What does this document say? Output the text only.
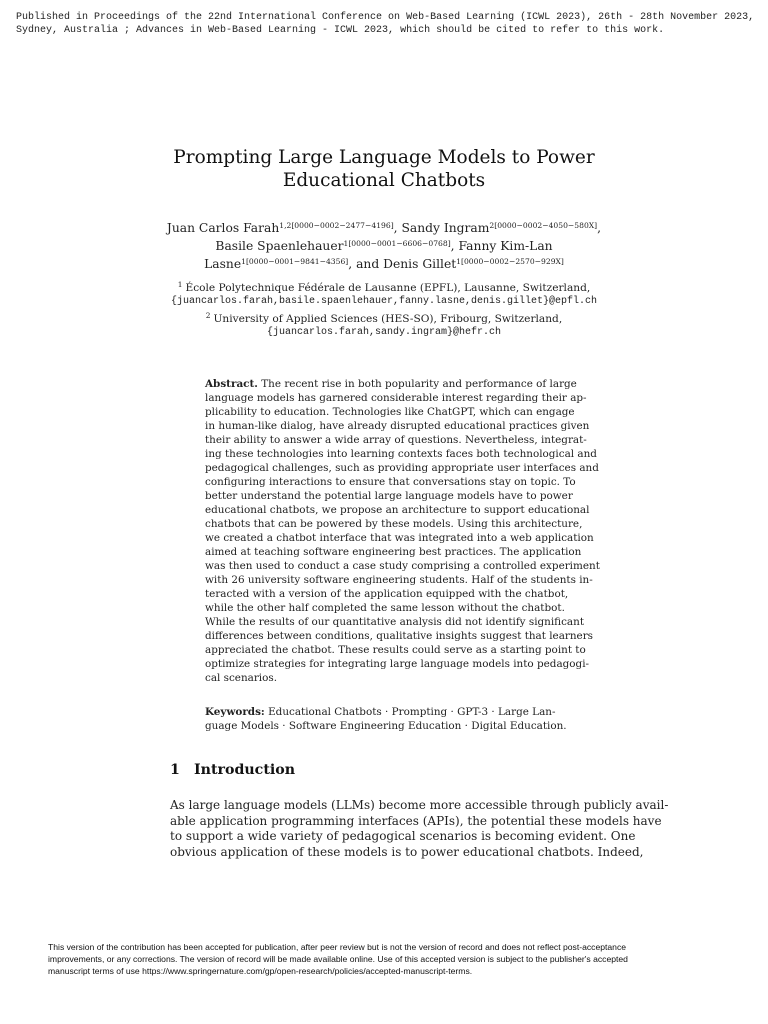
Published in Proceedings of the 22nd International Conference on Web-Based Learning (ICWL 2023), 26th - 28th November 2023,
Sydney, Australia ; Advances in Web-Based Learning - ICWL 2023, which should be cited to refer to this work.
Prompting Large Language Models to Power
Educational Chatbots
Juan Carlos Farah$^{1,2[0000-0002-2477-4196]}$, Sandy Ingram$^{2[0000-0002-4050-580X]}$,
Basile Spaenlehauer$^{1[0000-0001-6606-0768]}$, Fanny Kim-Lan
Lasne$^{1[0000-0001-9841-4356]}$, and Denis Gillet$^{1[0000-0002-2570-929X]}$
$^1$ École Polytechnique Fédérale de Lausanne (EPFL), Lausanne, Switzerland,
{juancarlos.farah,basile.spaenlehauer,fanny.lasne,denis.gillet}@epfl.ch
$^2$ University of Applied Sciences (HES-SO), Fribourg, Switzerland,
{juancarlos.farah,sandy.ingram}@hefr.ch
Abstract. The recent rise in both popularity and performance of large
language models has garnered considerable interest regarding their ap-
plicability to education. Technologies like ChatGPT, which can engage
in human-like dialog, have already disrupted educational practices given
their ability to answer a wide array of questions. Nevertheless, integrat-
ing these technologies into learning contexts faces both technological and
pedagogical challenges, such as providing appropriate user interfaces and
configuring interactions to ensure that conversations stay on topic. To
better understand the potential large language models have to power
educational chatbots, we propose an architecture to support educational
chatbots that can be powered by these models. Using this architecture,
we created a chatbot interface that was integrated into a web application
aimed at teaching software engineering best practices. The application
was then used to conduct a case study comprising a controlled experiment
with 26 university software engineering students. Half of the students in-
teracted with a version of the application equipped with the chatbot,
while the other half completed the same lesson without the chatbot.
While the results of our quantitative analysis did not identify significant
differences between conditions, qualitative insights suggest that learners
appreciated the chatbot. These results could serve as a starting point to
optimize strategies for integrating large language models into pedagogi-
cal scenarios.
Keywords: Educational Chatbots · Prompting · GPT-3 · Large Lan-
guage Models · Software Engineering Education · Digital Education.
1 Introduction
As large language models (LLMs) become more accessible through publicly avail-
able application programming interfaces (APIs), the potential these models have
to support a wide variety of pedagogical scenarios is becoming evident. One
obvious application of these models is to power educational chatbots. Indeed,
This version of the contribution has been accepted for publication, after peer review but is not the version of record and does not reflect post-acceptance
improvements, or any corrections. The version of record will be made available online. Use of this accepted version is subject to the publisher's accepted
manuscript terms of use https://www.springernature.com/gp/open-research/policies/accepted-manuscript-terms.
